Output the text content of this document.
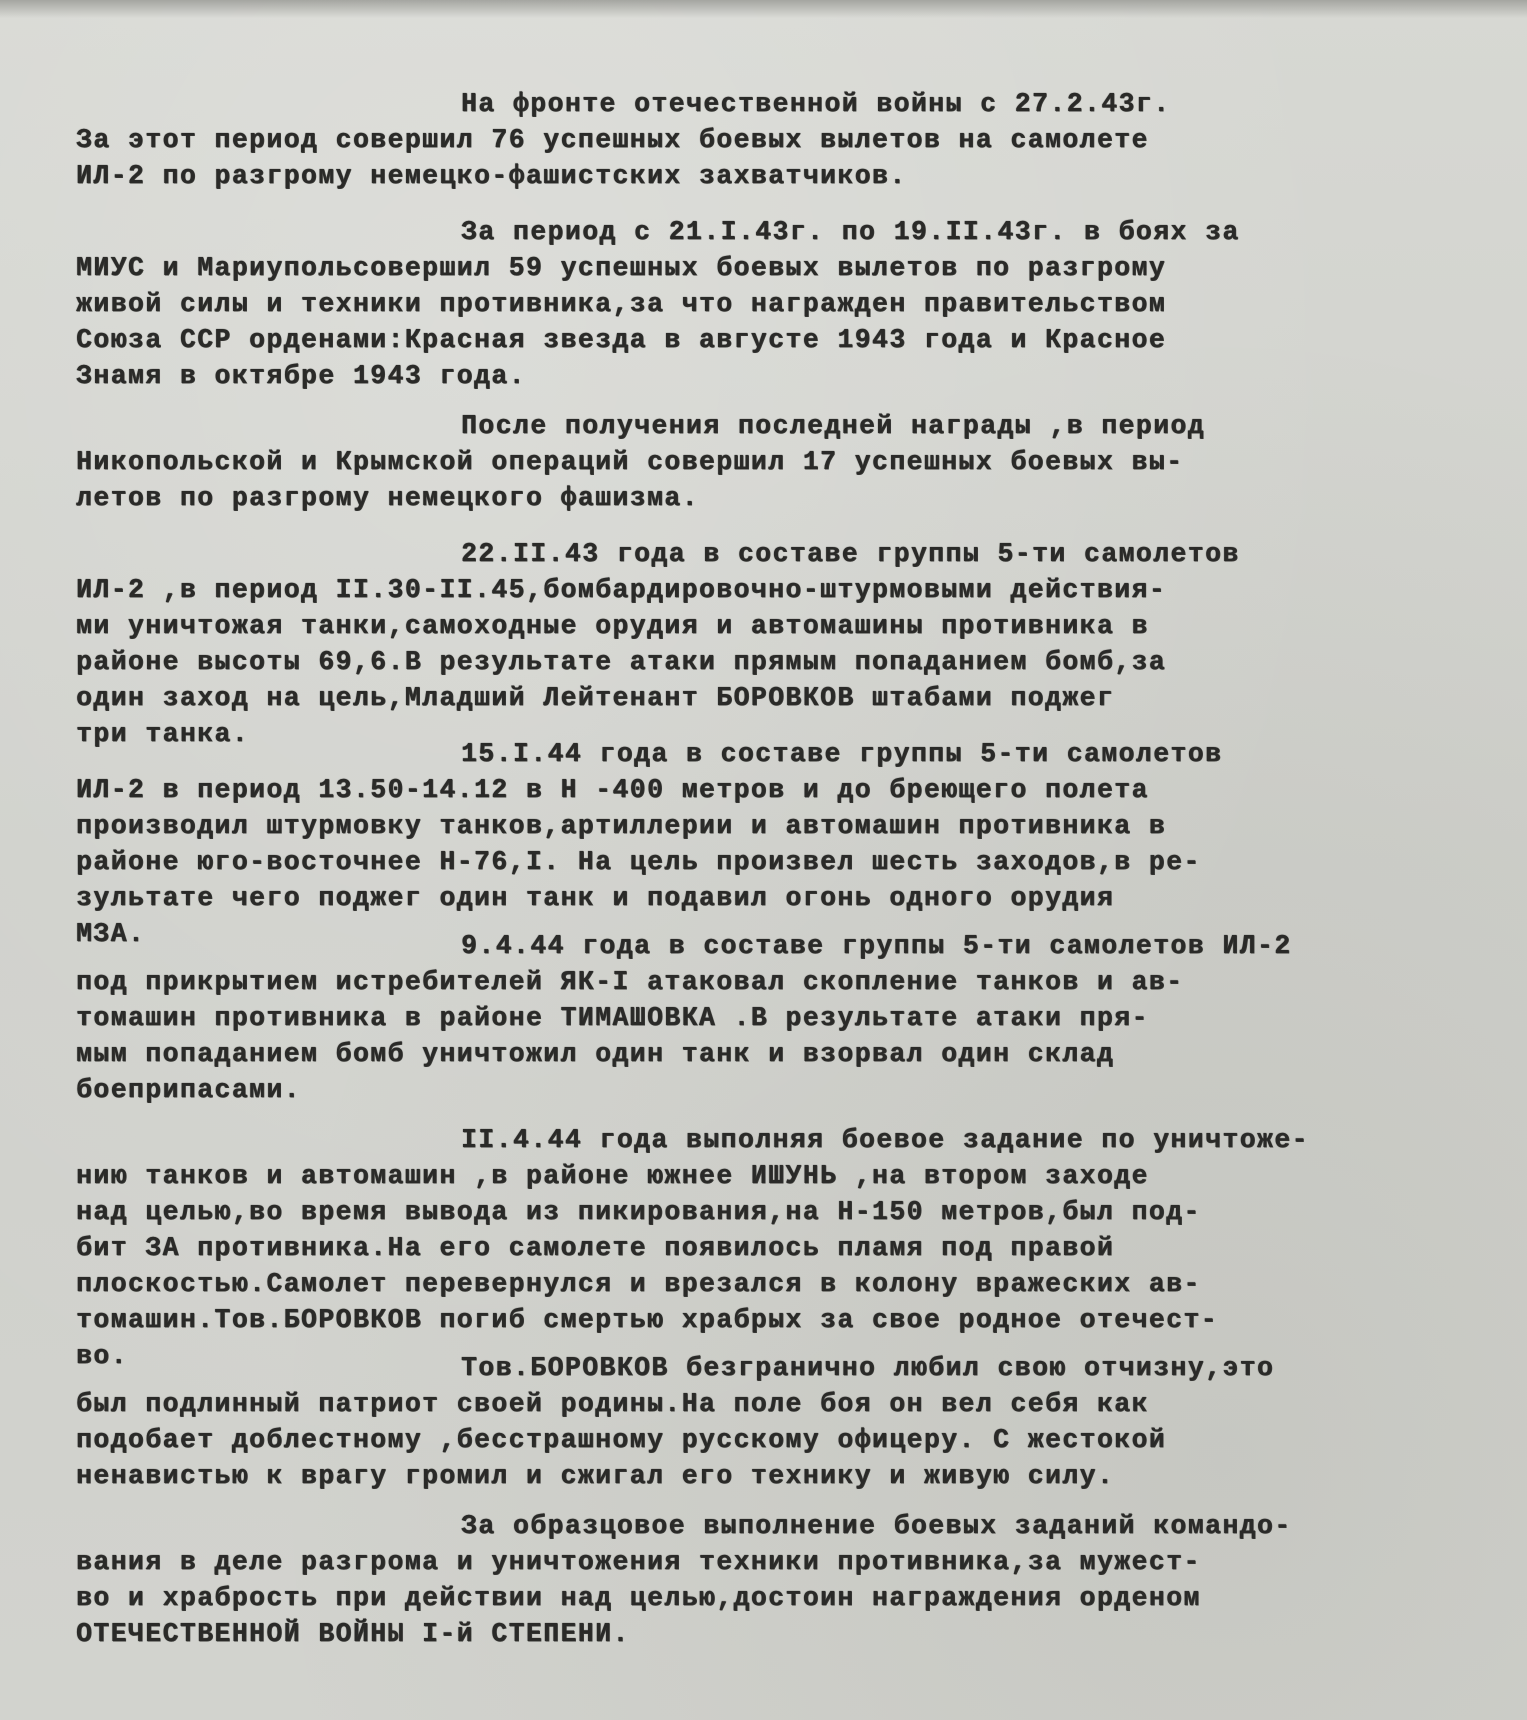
На фронте отечественной войны с 27.2.43г.
За этот период совершил 76 успешных боевых вылетов на самолете
ИЛ-2 по разгрому немецко-фашистских захватчиков.
За период с 21.I.43г. по 19.II.43г. в боях за
МИУС и Мариупольсовершил 59 успешных боевых вылетов по разгрому
живой силы и техники противника,за что награжден правительством
Союза ССР орденами:Красная звезда в августе 1943 года и Красное
Знамя в октябре 1943 года.
После получения последней награды ,в период
Никопольской и Крымской операций совершил 17 успешных боевых вы-
летов по разгрому немецкого фашизма.
22.II.43 года в составе группы 5-ти самолетов
ИЛ-2 ,в период II.30-II.45,бомбардировочно-штурмовыми действия-
ми уничтожая танки,самоходные орудия и автомашины противника в
районе высоты 69,6.В результате атаки прямым попаданием бомб,за
один заход на цель,Младший Лейтенант БОРОВКОВ штабами поджег
три танка.
15.I.44 года в составе группы 5-ти самолетов
ИЛ-2 в период 13.50-14.12 в Н -400 метров и до бреющего полета
производил штурмовку танков,артиллерии и автомашин противника в
районе юго-восточнее Н-76,I. На цель произвел шесть заходов,в ре-
зультате чего поджег один танк и подавил огонь одного орудия
МЗА.	9.4.44 года в составе группы 5-ти самолетов ИЛ-2
под прикрытием истребителей ЯК-I атаковал скопление танков и ав-
томашин противника в районе ТИМАШОВКА .В результате атаки пря-
мым попаданием бомб уничтожил один танк и взорвал один склад
боеприпасами.
II.4.44 года выполняя боевое задание по уничтоже-
нию танков и автомашин ,в районе южнее ИШУНЬ ,на втором заходе
над целью,во время вывода из пикирования,на Н-150 метров,был под-
бит ЗА противника.На его самолете появилось пламя под правой
плоскостью.Самолет перевернулся и врезался в колону вражеских ав-
томашин.Тов.БОРОВКОВ погиб смертью храбрых за свое родное отечест-
во.	Тов.БОРОВКОВ безгранично любил свою отчизну,это
был подлинный патриот своей родины.На поле боя он вел себя как
подобает доблестному ,бесстрашному русскому офицеру. С жестокой
ненавистью к врагу громил и сжигал его технику и живую силу.
За образцовое выполнение боевых заданий командо-
вания в деле разгрома и уничтожения техники противника,за мужест-
во и храбрость при действии над целью,достоин награждения орденом
ОТЕЧЕСТВЕННОЙ ВОЙНЫ I-й СТЕПЕНИ.
